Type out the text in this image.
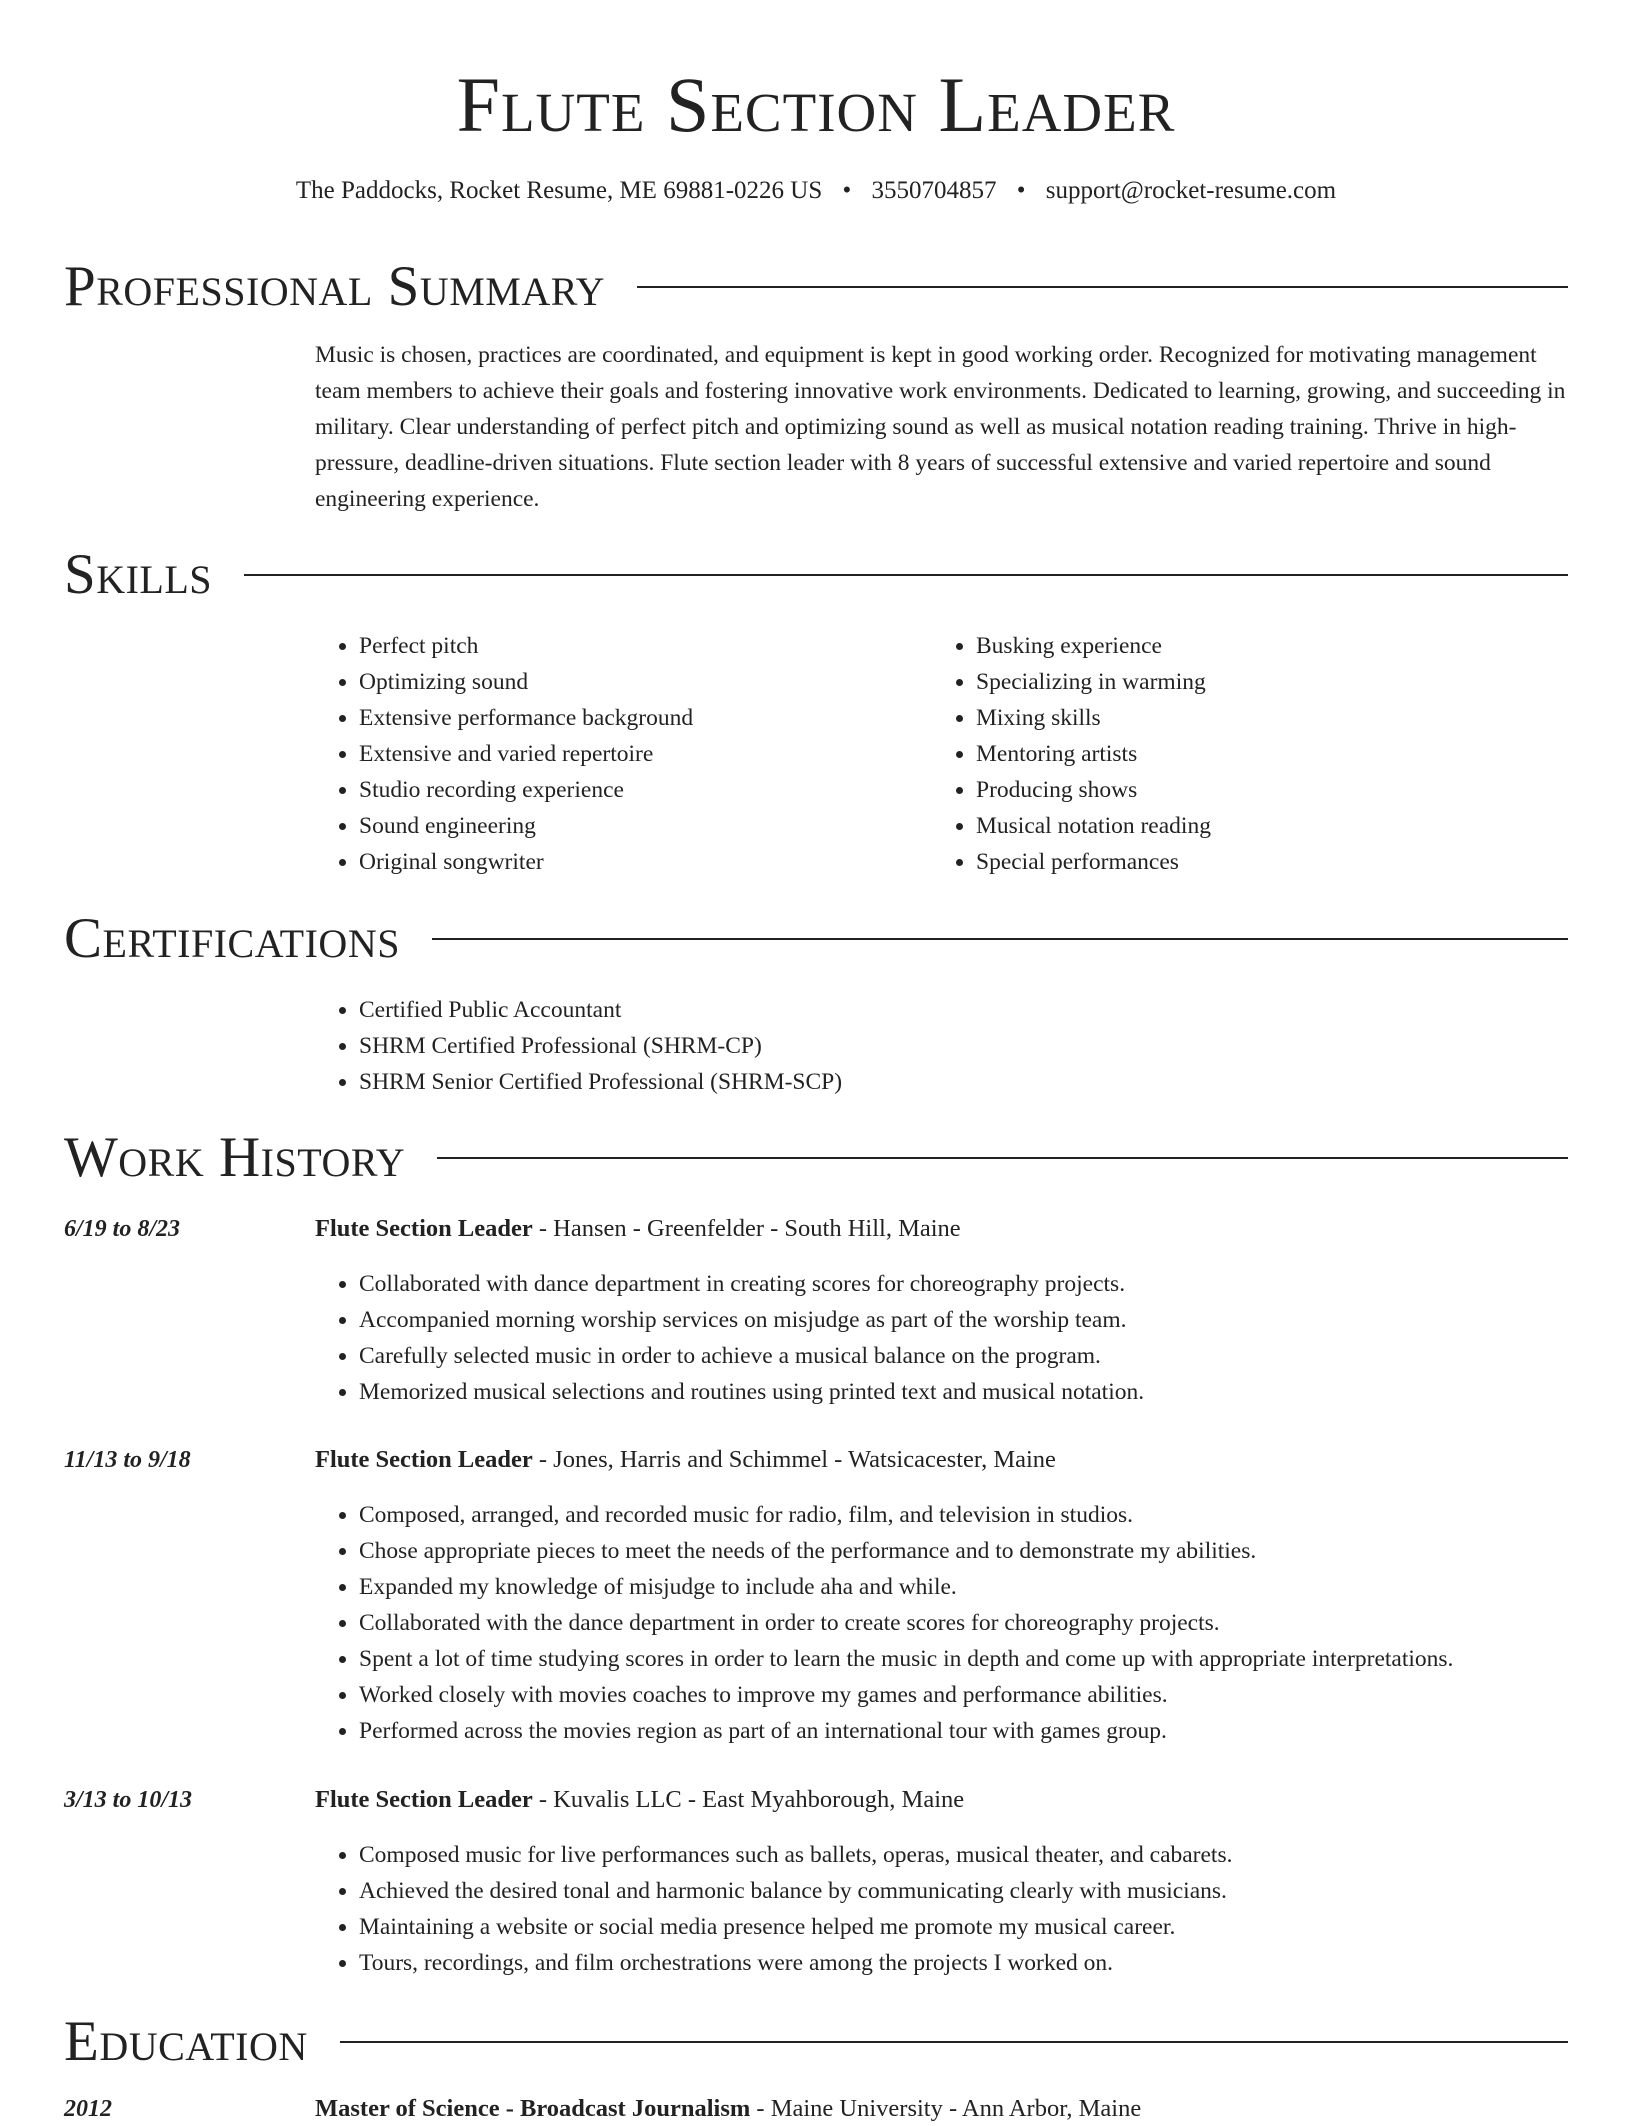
Flute Section Leader
The Paddocks, Rocket Resume, ME 69881-0226 US • 3550704857 • support@rocket-resume.com
Professional Summary
Music is chosen, practices are coordinated, and equipment is kept in good working order. Recognized for motivating management team members to achieve their goals and fostering innovative work environments. Dedicated to learning, growing, and succeeding in military. Clear understanding of perfect pitch and optimizing sound as well as musical notation reading training. Thrive in high-pressure, deadline-driven situations. Flute section leader with 8 years of successful extensive and varied repertoire and sound engineering experience.
Skills
• Perfect pitch
• Optimizing sound
• Extensive performance background
• Extensive and varied repertoire
• Studio recording experience
• Sound engineering
• Original songwriter
• Busking experience
• Specializing in warming
• Mixing skills
• Mentoring artists
• Producing shows
• Musical notation reading
• Special performances
Certifications
• Certified Public Accountant
• SHRM Certified Professional (SHRM-CP)
• SHRM Senior Certified Professional (SHRM-SCP)
Work History
6/19 to 8/23	Flute Section Leader - Hansen - Greenfelder - South Hill, Maine
• Collaborated with dance department in creating scores for choreography projects.
• Accompanied morning worship services on misjudge as part of the worship team.
• Carefully selected music in order to achieve a musical balance on the program.
• Memorized musical selections and routines using printed text and musical notation.
11/13 to 9/18	Flute Section Leader - Jones, Harris and Schimmel - Watsicacester, Maine
• Composed, arranged, and recorded music for radio, film, and television in studios.
• Chose appropriate pieces to meet the needs of the performance and to demonstrate my abilities.
• Expanded my knowledge of misjudge to include aha and while.
• Collaborated with the dance department in order to create scores for choreography projects.
• Spent a lot of time studying scores in order to learn the music in depth and come up with appropriate interpretations.
• Worked closely with movies coaches to improve my games and performance abilities.
• Performed across the movies region as part of an international tour with games group.
3/13 to 10/13	Flute Section Leader - Kuvalis LLC - East Myahborough, Maine
• Composed music for live performances such as ballets, operas, musical theater, and cabarets.
• Achieved the desired tonal and harmonic balance by communicating clearly with musicians.
• Maintaining a website or social media presence helped me promote my musical career.
• Tours, recordings, and film orchestrations were among the projects I worked on.
Education
2012	Master of Science - Broadcast Journalism - Maine University - Ann Arbor, Maine
